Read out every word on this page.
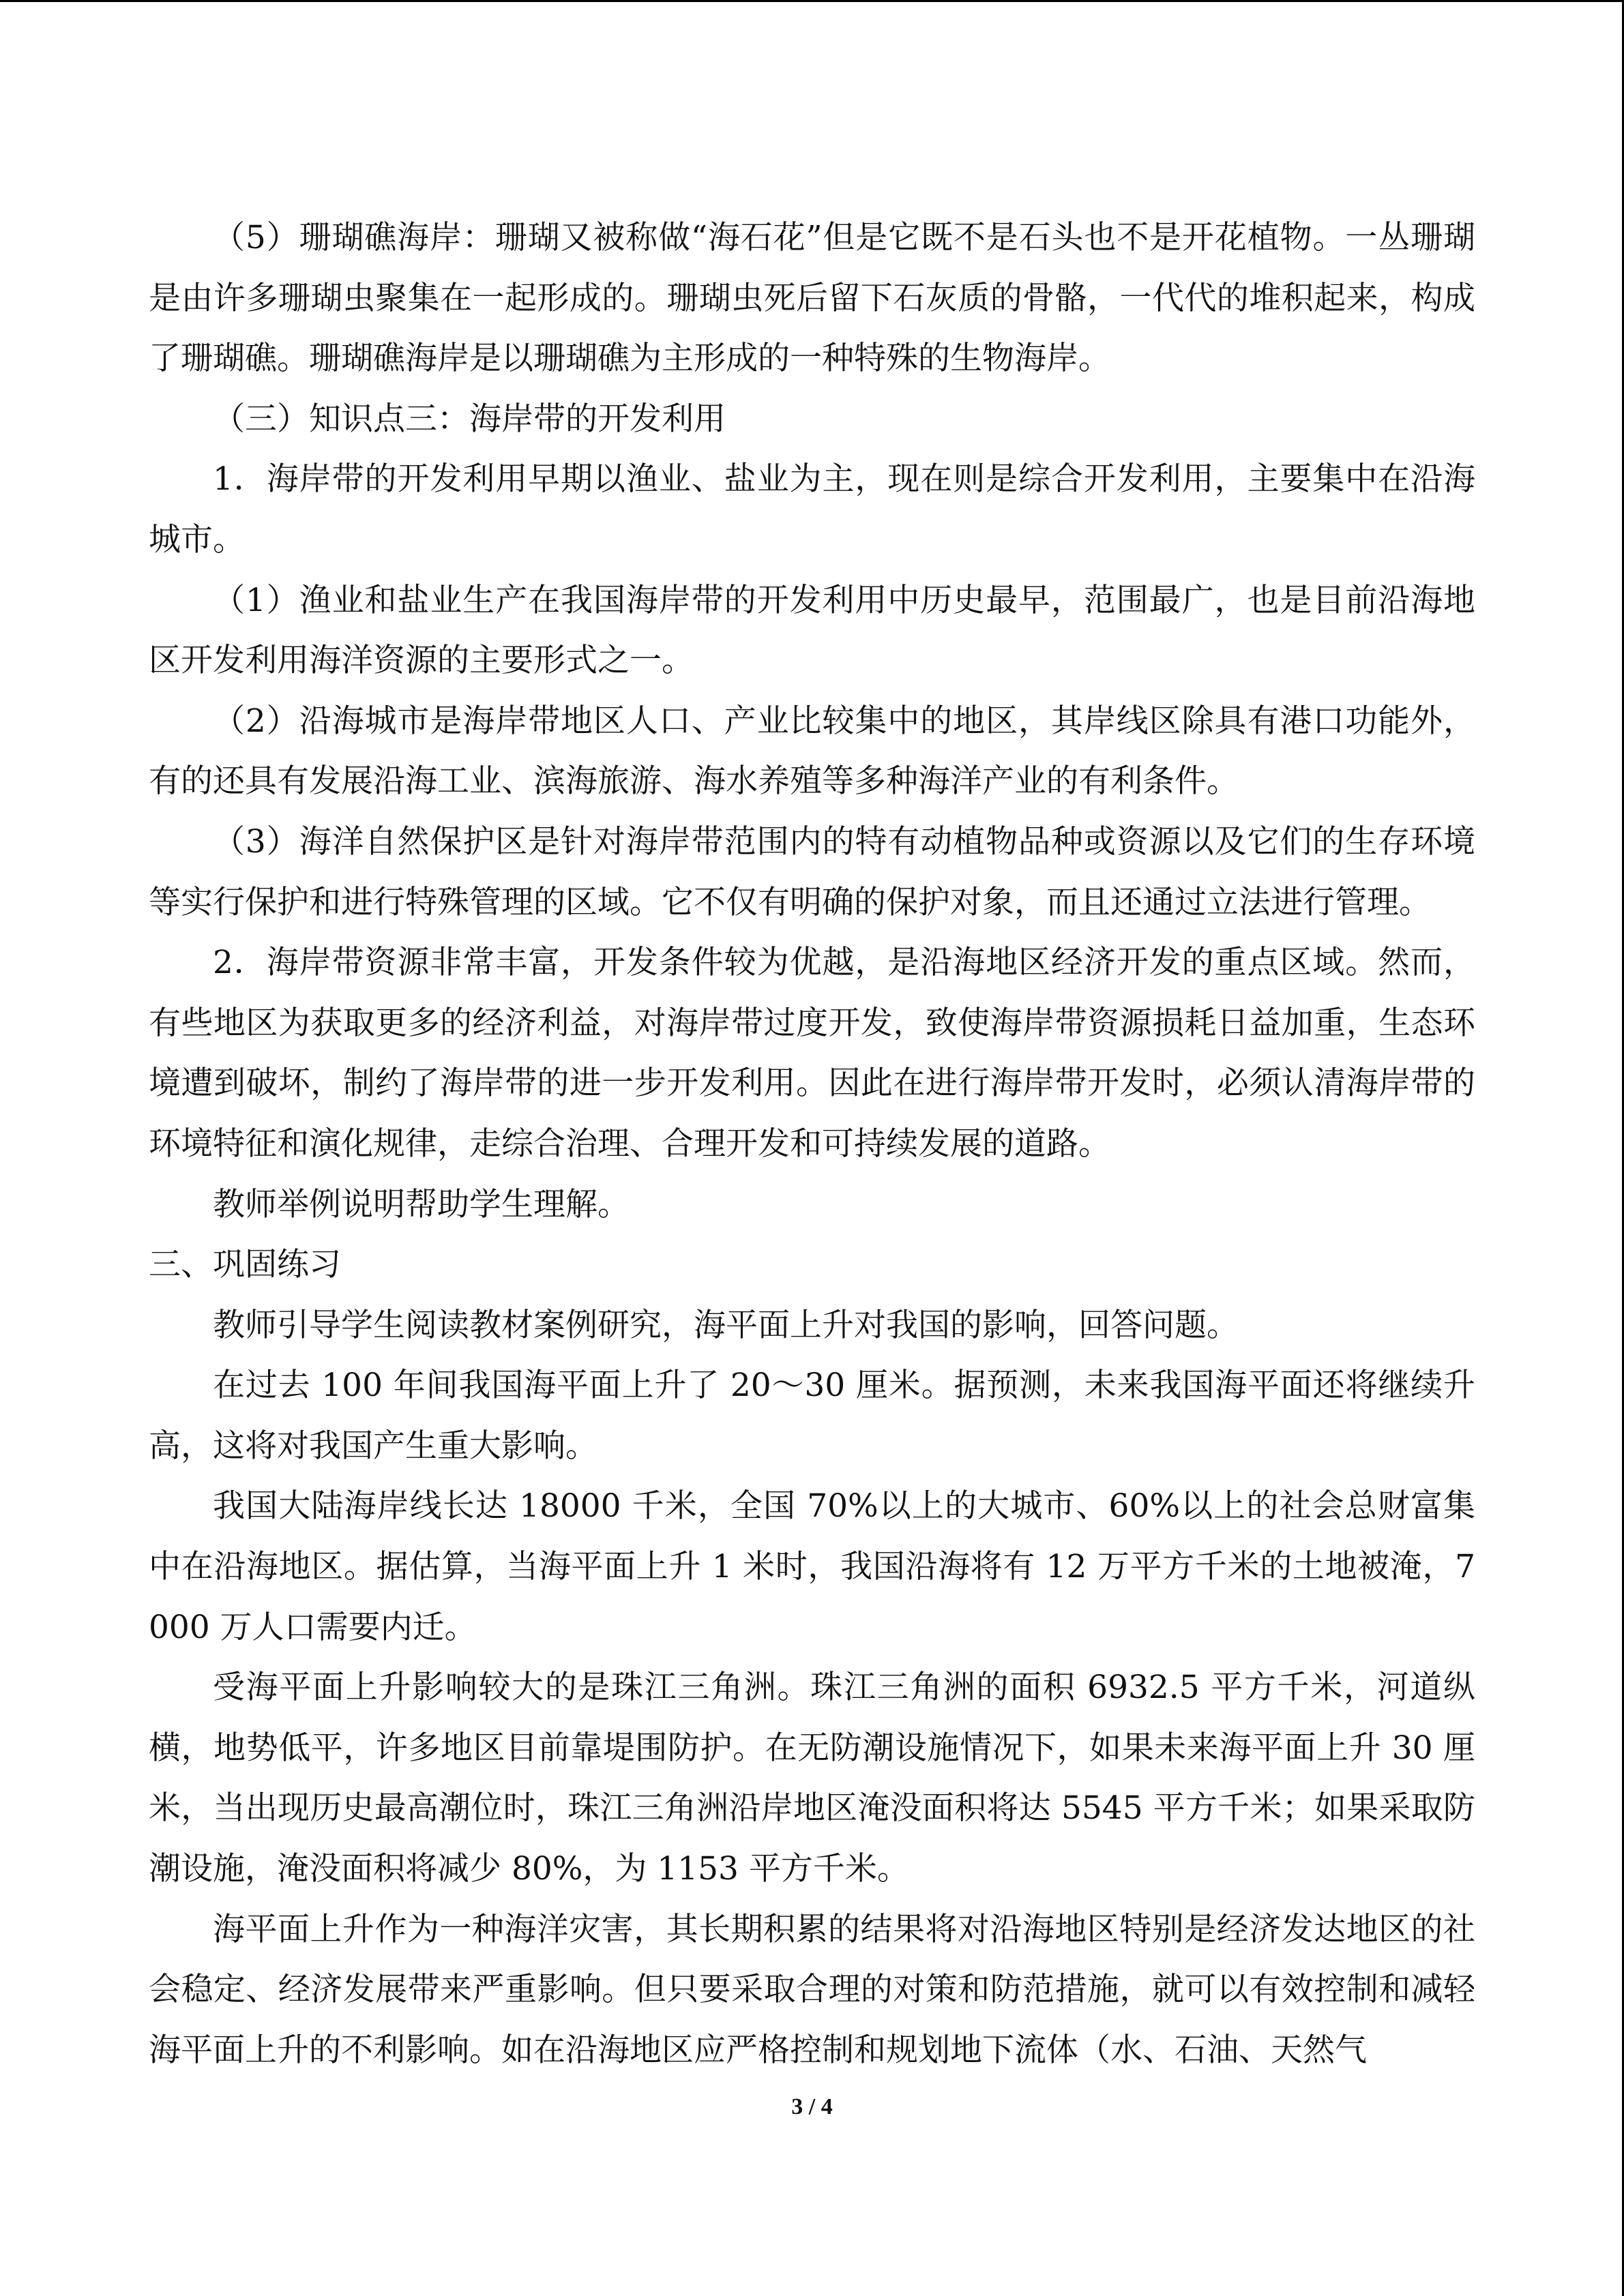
（5）珊瑚礁海岸：珊瑚又被称做“海石花”但是它既不是石头也不是开花植物。一丛珊瑚是由许多珊瑚虫聚集在一起形成的。珊瑚虫死后留下石灰质的骨骼，一代代的堆积起来，构成了珊瑚礁。珊瑚礁海岸是以珊瑚礁为主形成的一种特殊的生物海岸。

（三）知识点三：海岸带的开发利用

1．海岸带的开发利用早期以渔业、盐业为主，现在则是综合开发利用，主要集中在沿海城市。

（1）渔业和盐业生产在我国海岸带的开发利用中历史最早，范围最广，也是目前沿海地区开发利用海洋资源的主要形式之一。

（2）沿海城市是海岸带地区人口、产业比较集中的地区，其岸线区除具有港口功能外，有的还具有发展沿海工业、滨海旅游、海水养殖等多种海洋产业的有利条件。

（3）海洋自然保护区是针对海岸带范围内的特有动植物品种或资源以及它们的生存环境等实行保护和进行特殊管理的区域。它不仅有明确的保护对象，而且还通过立法进行管理。

2．海岸带资源非常丰富，开发条件较为优越，是沿海地区经济开发的重点区域。然而，有些地区为获取更多的经济利益，对海岸带过度开发，致使海岸带资源损耗日益加重，生态环境遭到破坏，制约了海岸带的进一步开发利用。因此在进行海岸带开发时，必须认清海岸带的环境特征和演化规律，走综合治理、合理开发和可持续发展的道路。

教师举例说明帮助学生理解。

三、巩固练习

教师引导学生阅读教材案例研究，海平面上升对我国的影响，回答问题。

在过去 100 年间我国海平面上升了 20～30 厘米。据预测，未来我国海平面还将继续升高，这将对我国产生重大影响。

我国大陆海岸线长达 18000 千米，全国 70%以上的大城市、60%以上的社会总财富集中在沿海地区。据估算，当海平面上升 1 米时，我国沿海将有 12 万平方千米的土地被淹，7000 万人口需要内迁。

受海平面上升影响较大的是珠江三角洲。珠江三角洲的面积 6932.5 平方千米，河道纵横，地势低平，许多地区目前靠堤围防护。在无防潮设施情况下，如果未来海平面上升 30 厘米，当出现历史最高潮位时，珠江三角洲沿岸地区淹没面积将达 5545 平方千米；如果采取防潮设施，淹没面积将减少 80%，为 1153 平方千米。

海平面上升作为一种海洋灾害，其长期积累的结果将对沿海地区特别是经济发达地区的社会稳定、经济发展带来严重影响。但只要采取合理的对策和防范措施，就可以有效控制和减轻海平面上升的不利影响。如在沿海地区应严格控制和规划地下流体（水、石油、天然气

3 / 4
